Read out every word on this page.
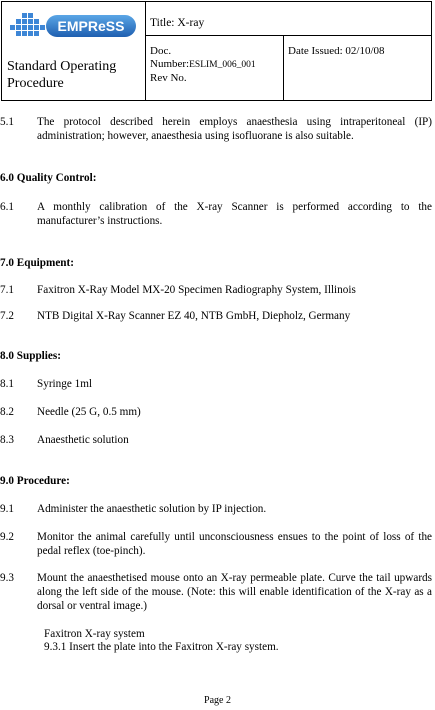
EMPReSS
Standard Operating
Procedure
Title: X-ray
Doc.
Number:ESLIM_006_001
Rev No.
Date Issued: 02/10/08
5.1 The protocol described herein employs anaesthesia using intraperitoneal (IP) administration; however, anaesthesia using isofluorane is also suitable.
6.0 Quality Control:
6.1 A monthly calibration of the X-ray Scanner is performed according to the manufacturer’s instructions.
7.0 Equipment:
7.1 Faxitron X-Ray Model MX-20 Specimen Radiography System, Illinois
7.2 NTB Digital X-Ray Scanner EZ 40, NTB GmbH, Diepholz, Germany
8.0 Supplies:
8.1 Syringe 1ml
8.2 Needle (25 G, 0.5 mm)
8.3 Anaesthetic solution
9.0 Procedure:
9.1 Administer the anaesthetic solution by IP injection.
9.2 Monitor the animal carefully until unconsciousness ensues to the point of loss of the pedal reflex (toe-pinch).
9.3 Mount the anaesthetised mouse onto an X-ray permeable plate. Curve the tail upwards along the left side of the mouse. (Note: this will enable identification of the X-ray as a dorsal or ventral image.)
Faxitron X-ray system
9.3.1 Insert the plate into the Faxitron X-ray system.
Page 2
